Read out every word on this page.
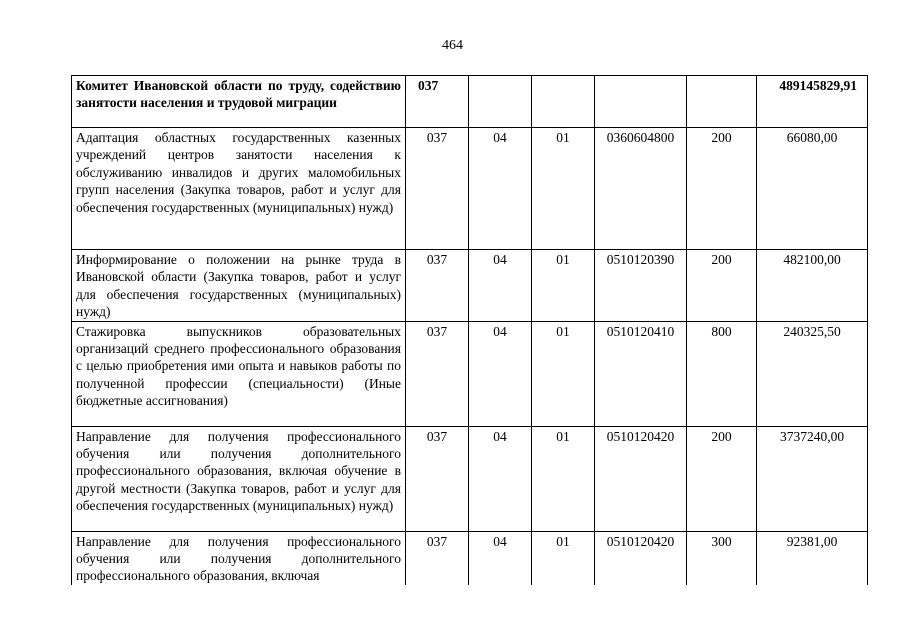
464
Комитет Ивановской области по труду, содействию занятости населения и трудовой миграции	037					489145829,91
Адаптация областных государственных казенных учреждений центров занятости населения к обслуживанию инвалидов и других маломобильных групп населения (Закупка товаров, работ и услуг для обеспечения государственных (муниципальных) нужд)	037	04	01	0360604800	200	66080,00
Информирование о положении на рынке труда в Ивановской области (Закупка товаров, работ и услуг для обеспечения государственных (муниципальных) нужд)	037	04	01	0510120390	200	482100,00
Стажировка выпускников образовательных организаций среднего профессионального образования с целью приобретения ими опыта и навыков работы по полученной профессии (специальности) (Иные бюджетные ассигнования)	037	04	01	0510120410	800	240325,50
Направление для получения профессионального обучения или получения дополнительного профессионального образования, включая обучение в другой местности (Закупка товаров, работ и услуг для обеспечения государственных (муниципальных) нужд)	037	04	01	0510120420	200	3737240,00
Направление для получения профессионального обучения или получения дополнительного профессионального образования, включая	037	04	01	0510120420	300	92381,00
